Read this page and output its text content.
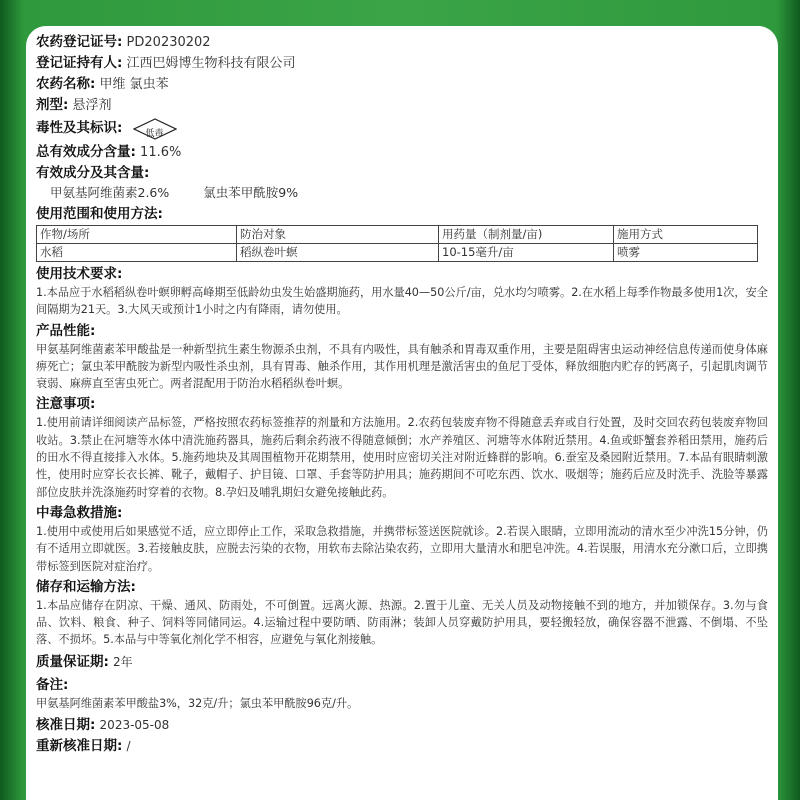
农药登记证号: PD20230202
登记证持有人: 江西巴姆博生物科技有限公司
农药名称: 甲维 氯虫苯
剂型: 悬浮剂
毒性及其标识:	低毒
总有效成分含量: 11.6%
有效成分及其含量:
甲氨基阿维菌素2.6%	氯虫苯甲酰胺9%
使用范围和使用方法:
作物/场所	防治对象	用药量（制剂量/亩)	施用方式
水稻	稻纵卷叶螟	10-15毫升/亩	喷雾
使用技术要求:

1.本品应于水稻稻纵卷叶螟卵孵高峰期至低龄幼虫发生始盛期施药，用水量40—50公斤/亩，兑水均匀喷雾。2.在水稻上每季作物最多使用1次，安全间隔期为21天。3.大风天或预计1小时之内有降雨，请勿使用。

产品性能:

甲氨基阿维菌素苯甲酸盐是一种新型抗生素生物源杀虫剂，不具有内吸性，具有触杀和胃毒双重作用，主要是阻碍害虫运动神经信息传递而使身体麻痹死亡；氯虫苯甲酰胺为新型内吸性杀虫剂，具有胃毒、触杀作用，其作用机理是激活害虫的鱼尼丁受体，释放细胞内贮存的钙离子，引起肌肉调节衰弱、麻痹直至害虫死亡。两者混配用于防治水稻稻纵卷叶螟。

注意事项:

1.使用前请详细阅读产品标签，严格按照农药标签推荐的剂量和方法施用。2.农药包装废弃物不得随意丢弃或自行处置，及时交回农药包装废弃物回收站。3.禁止在河塘等水体中清洗施药器具，施药后剩余药液不得随意倾倒；水产养殖区、河塘等水体附近禁用。4.鱼或虾蟹套养稻田禁用，施药后的田水不得直接排入水体。5.施药地块及其周围植物开花期禁用，使用时应密切关注对附近蜂群的影响。6.蚕室及桑园附近禁用。7.本品有眼睛刺激性，使用时应穿长衣长裤、靴子，戴帽子、护目镜、口罩、手套等防护用具；施药期间不可吃东西、饮水、吸烟等；施药后应及时洗手、洗脸等暴露部位皮肤并洗涤施药时穿着的衣物。8.孕妇及哺乳期妇女避免接触此药。

中毒急救措施:

1.使用中或使用后如果感觉不适，应立即停止工作，采取急救措施，并携带标签送医院就诊。2.若误入眼睛，立即用流动的清水至少冲洗15分钟，仍有不适用立即就医。3.若接触皮肤，应脱去污染的衣物，用软布去除沾染农药，立即用大量清水和肥皂冲洗。4.若误服，用清水充分漱口后，立即携带标签到医院对症治疗。

储存和运输方法:

1.本品应储存在阴凉、干燥、通风、防雨处，不可倒置。远离火源、热源。2.置于儿童、无关人员及动物接触不到的地方，并加锁保存。3.勿与食品、饮料、粮食、种子、饲料等同储同运。4.运输过程中要防晒、防雨淋；装卸人员穿戴防护用具，要轻搬轻放，确保容器不泄露、不倒塌、不坠落、不损坏。5.本品与中等氧化剂化学不相容，应避免与氧化剂接触。

质量保证期: 2年
备注:

甲氨基阿维菌素苯甲酸盐3%，32克/升；氯虫苯甲酰胺96克/升。

核准日期: 2023-05-08
重新核准日期: /
